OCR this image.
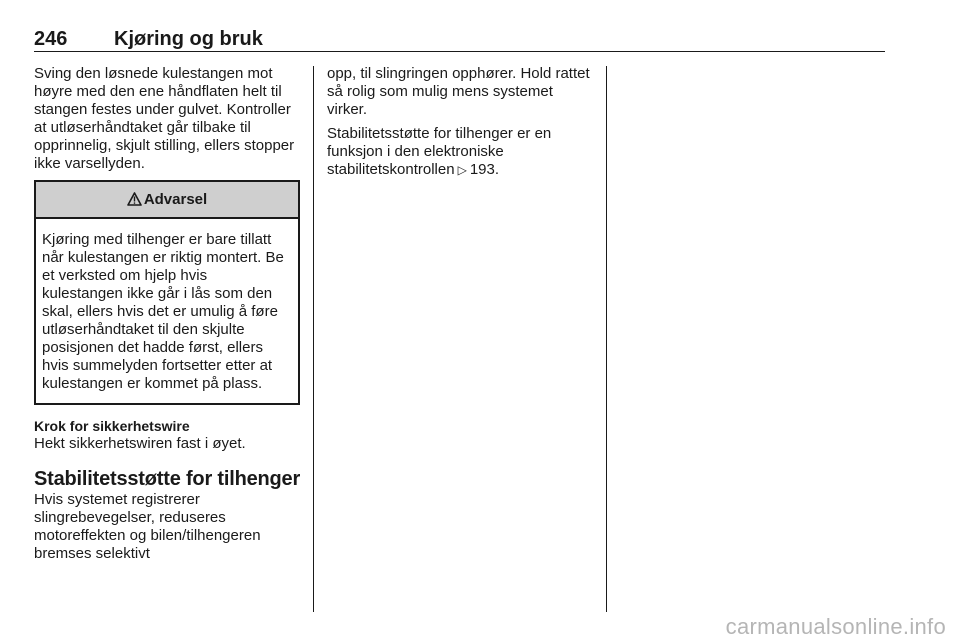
246 Kjøring og bruk

Sving den løsnede kulestangen mot høyre med den ene håndflaten helt til stangen festes under gulvet. Kontroller at utløserhåndtaket går tilbake til opprinnelig, skjult stilling, ellers stopper ikke varsellyden.

Advarsel
Kjøring med tilhenger er bare tillatt når kulestangen er riktig montert. Be et verksted om hjelp hvis kulestangen ikke går i lås som den skal, ellers hvis det er umulig å føre utløserhåndtaket til den skjulte posisjonen det hadde først, ellers hvis summelyden fortsetter etter at kulestangen er kommet på plass.

Krok for sikkerhetswire

Hekt sikkerhetswiren fast i øyet.

Stabilitetsstøtte for tilhenger

Hvis systemet registrerer slingrebevegelser, reduseres motoreffekten og bilen/tilhengeren bremses selektivt

opp, til slingringen opphører. Hold rattet så rolig som mulig mens systemet virker.

Stabilitetsstøtte for tilhenger er en funksjon i den elektroniske stabilitetskontrollen ▷ 193.

carmanualsonline.info
